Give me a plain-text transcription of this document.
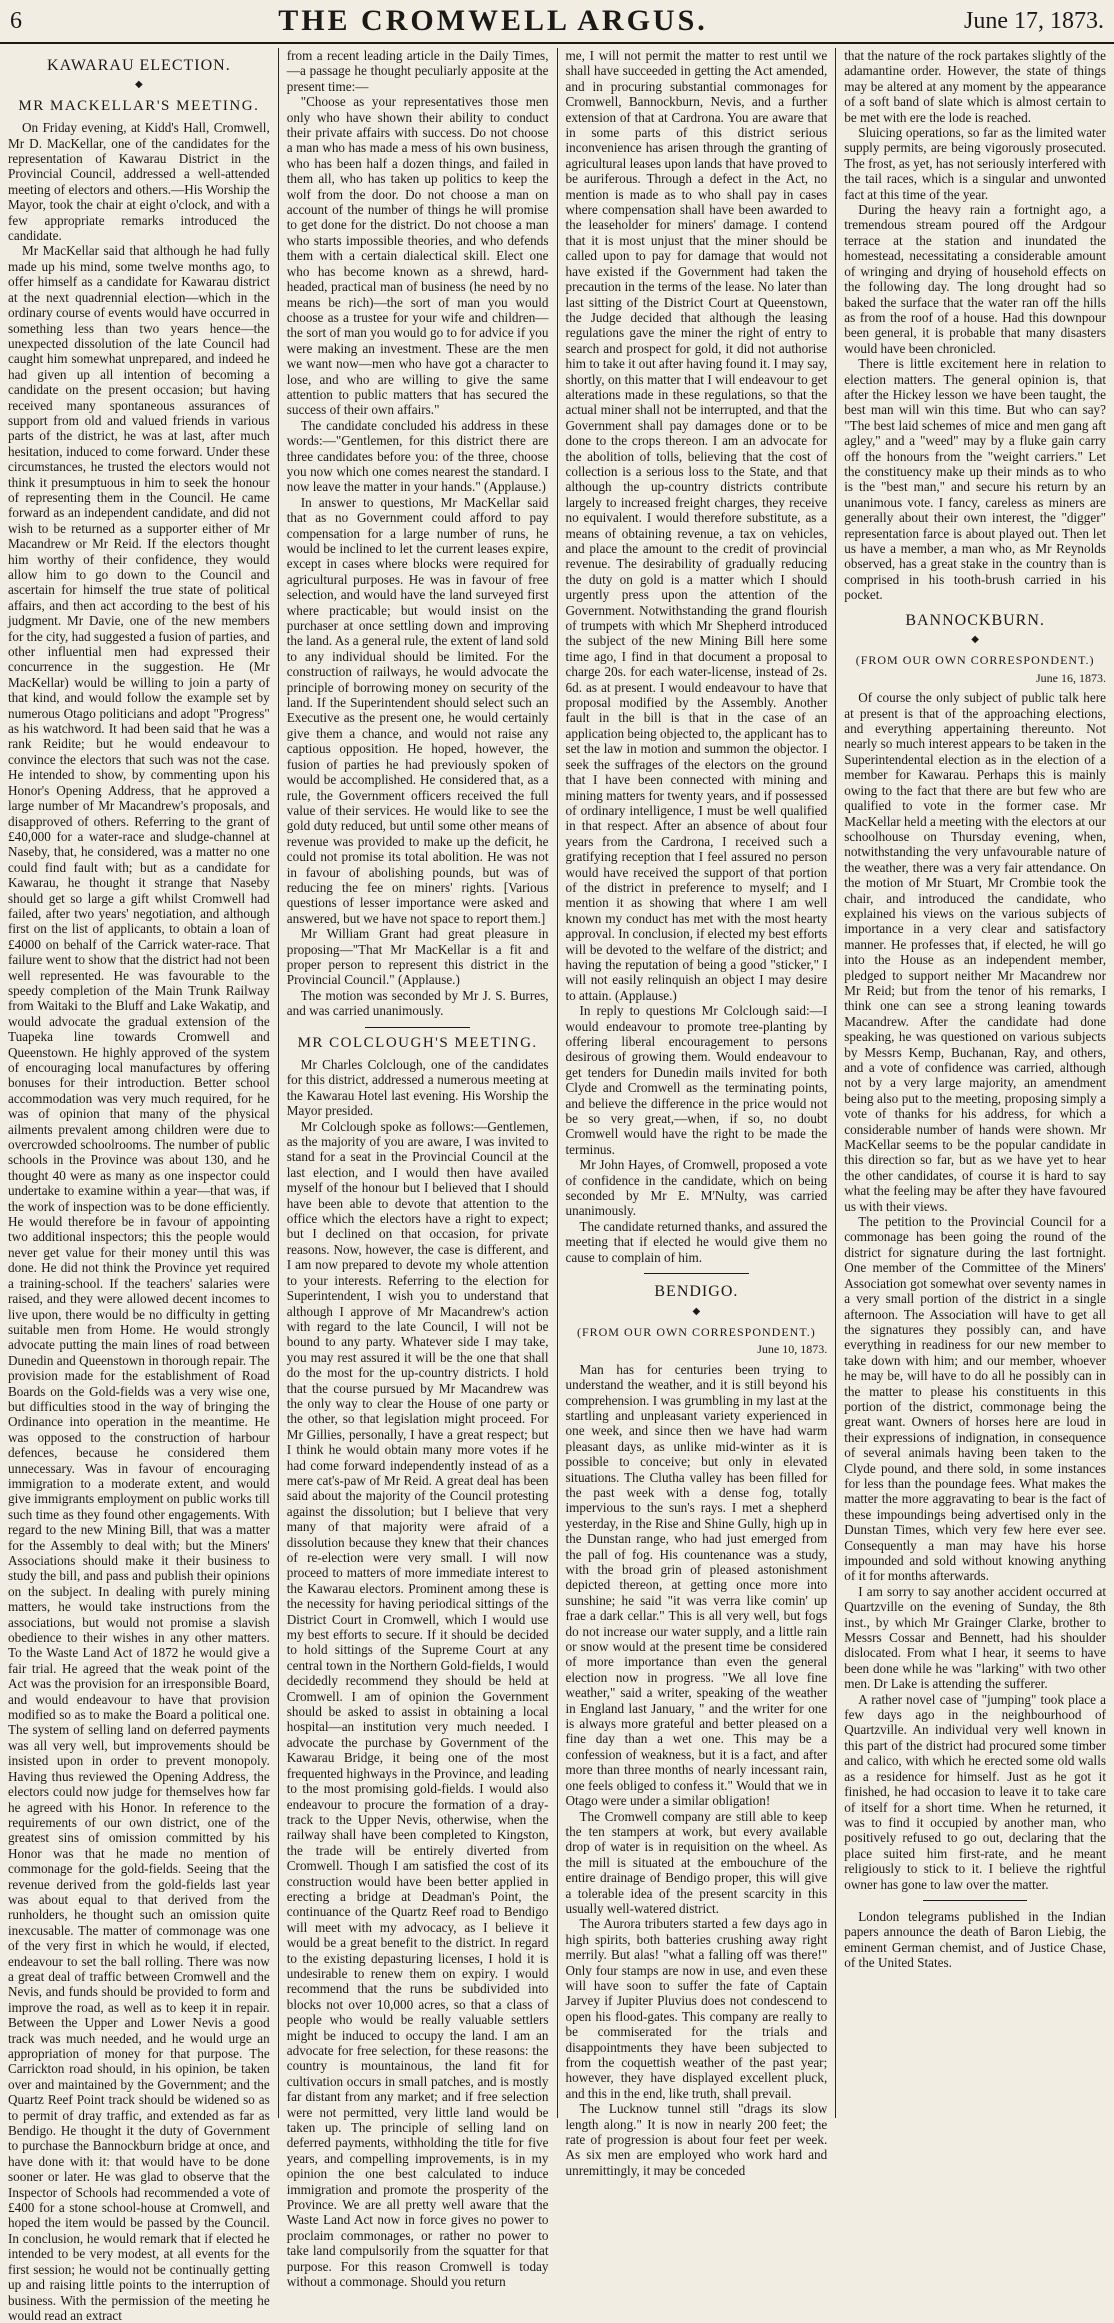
6	THE CROMWELL ARGUS.	June 17, 1873.
KAWARAU ELECTION.
◆
MR MACKELLAR'S MEETING.

On Friday evening, at Kidd's Hall, Cromwell, Mr D. MacKellar, one of the candidates for the representation of Kawarau District in the Provincial Council, addressed a well-attended meeting of electors and others.—His Worship the Mayor, took the chair at eight o'clock, and with a few appropriate remarks introduced the candidate.

Mr MacKellar said that although he had fully made up his mind, some twelve months ago, to offer himself as a candidate for Kawarau district at the next quadrennial election—which in the ordinary course of events would have occurred in something less than two years hence—the unexpected dissolution of the late Council had caught him somewhat unprepared, and indeed he had given up all intention of becoming a candidate on the present occasion; but having received many spontaneous assurances of support from old and valued friends in various parts of the district, he was at last, after much hesitation, induced to come forward. Under these circumstances, he trusted the electors would not think it presumptuous in him to seek the honour of representing them in the Council. He came forward as an independent candidate, and did not wish to be returned as a supporter either of Mr Macandrew or Mr Reid. If the electors thought him worthy of their confidence, they would allow him to go down to the Council and ascertain for himself the true state of political affairs, and then act according to the best of his judgment. Mr Davie, one of the new members for the city, had suggested a fusion of parties, and other influential men had expressed their concurrence in the suggestion. He (Mr MacKellar) would be willing to join a party of that kind, and would follow the example set by numerous Otago politicians and adopt "Progress" as his watchword. It had been said that he was a rank Reidite; but he would endeavour to convince the electors that such was not the case. He intended to show, by commenting upon his Honor's Opening Address, that he approved a large number of Mr Macandrew's proposals, and disapproved of others. Referring to the grant of £40,000 for a water-race and sludge-channel at Naseby, that, he considered, was a matter no one could find fault with; but as a candidate for Kawarau, he thought it strange that Naseby should get so large a gift whilst Cromwell had failed, after two years' negotiation, and although first on the list of applicants, to obtain a loan of £4000 on behalf of the Carrick water-race. That failure went to show that the district had not been well represented. He was favourable to the speedy completion of the Main Trunk Railway from Waitaki to the Bluff and Lake Wakatip, and would advocate the gradual extension of the Tuapeka line towards Cromwell and Queenstown. He highly approved of the system of encouraging local manufactures by offering bonuses for their introduction. Better school accommodation was very much required, for he was of opinion that many of the physical ailments prevalent among children were due to overcrowded schoolrooms. The number of public schools in the Province was about 130, and he thought 40 were as many as one inspector could undertake to examine within a year—that was, if the work of inspection was to be done efficiently. He would therefore be in favour of appointing two additional inspectors; this the people would never get value for their money until this was done. He did not think the Province yet required a training-school. If the teachers' salaries were raised, and they were allowed decent incomes to live upon, there would be no difficulty in getting suitable men from Home. He would strongly advocate putting the main lines of road between Dunedin and Queenstown in thorough repair. The provision made for the establishment of Road Boards on the Gold-fields was a very wise one, but difficulties stood in the way of bringing the Ordinance into operation in the meantime. He was opposed to the construction of harbour defences, because he considered them unnecessary. Was in favour of encouraging immigration to a moderate extent, and would give immigrants employment on public works till such time as they found other engagements. With regard to the new Mining Bill, that was a matter for the Assembly to deal with; but the Miners' Associations should make it their business to study the bill, and pass and publish their opinions on the subject. In dealing with purely mining matters, he would take instructions from the associations, but would not promise a slavish obedience to their wishes in any other matters. To the Waste Land Act of 1872 he would give a fair trial. He agreed that the weak point of the Act was the provision for an irresponsible Board, and would endeavour to have that provision modified so as to make the Board a political one. The system of selling land on deferred payments was all very well, but improvements should be insisted upon in order to prevent monopoly. Having thus reviewed the Opening Address, the electors could now judge for themselves how far he agreed with his Honor. In reference to the requirements of our own district, one of the greatest sins of omission committed by his Honor was that he made no mention of commonage for the gold-fields. Seeing that the revenue derived from the gold-fields last year was about equal to that derived from the runholders, he thought such an omission quite inexcusable. The matter of commonage was one of the very first in which he would, if elected, endeavour to set the ball rolling. There was now a great deal of traffic between Cromwell and the Nevis, and funds should be provided to form and improve the road, as well as to keep it in repair. Between the Upper and Lower Nevis a good track was much needed, and he would urge an appropriation of money for that purpose. The Carrickton road should, in his opinion, be taken over and maintained by the Government; and the Quartz Reef Point track should be widened so as to permit of dray traffic, and extended as far as Bendigo. He thought it the duty of Government to purchase the Bannockburn bridge at once, and have done with it: that would have to be done sooner or later. He was glad to observe that the Inspector of Schools had recommended a vote of £400 for a stone school-house at Cromwell, and hoped the item would be passed by the Council. In conclusion, he would remark that if elected he intended to be very modest, at all events for the first session; he would not be continually getting up and raising little points to the interruption of business. With the permission of the meeting he would read an extract

from a recent leading article in the Daily Times,—a passage he thought peculiarly apposite at the present time:—

"Choose as your representatives those men only who have shown their ability to conduct their private affairs with success. Do not choose a man who has made a mess of his own business, who has been half a dozen things, and failed in them all, who has taken up politics to keep the wolf from the door. Do not choose a man on account of the number of things he will promise to get done for the district. Do not choose a man who starts impossible theories, and who defends them with a certain dialectical skill. Elect one who has become known as a shrewd, hard-headed, practical man of business (he need by no means be rich)—the sort of man you would choose as a trustee for your wife and children—the sort of man you would go to for advice if you were making an investment. These are the men we want now—men who have got a character to lose, and who are willing to give the same attention to public matters that has secured the success of their own affairs."

The candidate concluded his address in these words:—"Gentlemen, for this district there are three candidates before you: of the three, choose you now which one comes nearest the standard. I now leave the matter in your hands." (Applause.)

In answer to questions, Mr MacKellar said that as no Government could afford to pay compensation for a large number of runs, he would be inclined to let the current leases expire, except in cases where blocks were required for agricultural purposes. He was in favour of free selection, and would have the land surveyed first where practicable; but would insist on the purchaser at once settling down and improving the land. As a general rule, the extent of land sold to any individual should be limited. For the construction of railways, he would advocate the principle of borrowing money on security of the land. If the Superintendent should select such an Executive as the present one, he would certainly give them a chance, and would not raise any captious opposition. He hoped, however, the fusion of parties he had previously spoken of would be accomplished. He considered that, as a rule, the Government officers received the full value of their services. He would like to see the gold duty reduced, but until some other means of revenue was provided to make up the deficit, he could not promise its total abolition. He was not in favour of abolishing pounds, but was of reducing the fee on miners' rights. [Various questions of lesser importance were asked and answered, but we have not space to report them.]

Mr William Grant had great pleasure in proposing—"That Mr MacKellar is a fit and proper person to represent this district in the Provincial Council." (Applause.)

The motion was seconded by Mr J. S. Burres, and was carried unanimously.

MR COLCLOUGH'S MEETING.

Mr Charles Colclough, one of the candidates for this district, addressed a numerous meeting at the Kawarau Hotel last evening. His Worship the Mayor presided.

Mr Colclough spoke as follows:—Gentlemen, as the majority of you are aware, I was invited to stand for a seat in the Provincial Council at the last election, and I would then have availed myself of the honour but I believed that I should have been able to devote that attention to the office which the electors have a right to expect; but I declined on that occasion, for private reasons. Now, however, the case is different, and I am now prepared to devote my whole attention to your interests. Referring to the election for Superintendent, I wish you to understand that although I approve of Mr Macandrew's action with regard to the late Council, I will not be bound to any party. Whatever side I may take, you may rest assured it will be the one that shall do the most for the up-country districts. I hold that the course pursued by Mr Macandrew was the only way to clear the House of one party or the other, so that legislation might proceed. For Mr Gillies, personally, I have a great respect; but I think he would obtain many more votes if he had come forward independently instead of as a mere cat's-paw of Mr Reid. A great deal has been said about the majority of the Council protesting against the dissolution; but I believe that very many of that majority were afraid of a dissolution because they knew that their chances of re-election were very small. I will now proceed to matters of more immediate interest to the Kawarau electors. Prominent among these is the necessity for having periodical sittings of the District Court in Cromwell, which I would use my best efforts to secure. If it should be decided to hold sittings of the Supreme Court at any central town in the Northern Gold-fields, I would decidedly recommend they should be held at Cromwell. I am of opinion the Government should be asked to assist in obtaining a local hospital—an institution very much needed. I advocate the purchase by Government of the Kawarau Bridge, it being one of the most frequented highways in the Province, and leading to the most promising gold-fields. I would also endeavour to procure the formation of a dray-track to the Upper Nevis, otherwise, when the railway shall have been completed to Kingston, the trade will be entirely diverted from Cromwell. Though I am satisfied the cost of its construction would have been better applied in erecting a bridge at Deadman's Point, the continuance of the Quartz Reef road to Bendigo will meet with my advocacy, as I believe it would be a great benefit to the district. In regard to the existing depasturing licenses, I hold it is undesirable to renew them on expiry. I would recommend that the runs be subdivided into blocks not over 10,000 acres, so that a class of people who would be really valuable settlers might be induced to occupy the land. I am an advocate for free selection, for these reasons: the country is mountainous, the land fit for cultivation occurs in small patches, and is mostly far distant from any market; and if free selection were not permitted, very little land would be taken up. The principle of selling land on deferred payments, withholding the title for five years, and compelling improvements, is in my opinion the one best calculated to induce immigration and promote the prosperity of the Province. We are all pretty well aware that the Waste Land Act now in force gives no power to proclaim commonages, or rather no power to take land compulsorily from the squatter for that purpose. For this reason Cromwell is today without a commonage. Should you return

me, I will not permit the matter to rest until we shall have succeeded in getting the Act amended, and in procuring substantial commonages for Cromwell, Bannockburn, Nevis, and a further extension of that at Cardrona. You are aware that in some parts of this district serious inconvenience has arisen through the granting of agricultural leases upon lands that have proved to be auriferous. Through a defect in the Act, no mention is made as to who shall pay in cases where compensation shall have been awarded to the leaseholder for miners' damage. I contend that it is most unjust that the miner should be called upon to pay for damage that would not have existed if the Government had taken the precaution in the terms of the lease. No later than last sitting of the District Court at Queenstown, the Judge decided that although the leasing regulations gave the miner the right of entry to search and prospect for gold, it did not authorise him to take it out after having found it. I may say, shortly, on this matter that I will endeavour to get alterations made in these regulations, so that the actual miner shall not be interrupted, and that the Government shall pay damages done or to be done to the crops thereon. I am an advocate for the abolition of tolls, believing that the cost of collection is a serious loss to the State, and that although the up-country districts contribute largely to increased freight charges, they receive no equivalent. I would therefore substitute, as a means of obtaining revenue, a tax on vehicles, and place the amount to the credit of provincial revenue. The desirability of gradually reducing the duty on gold is a matter which I should urgently press upon the attention of the Government. Notwithstanding the grand flourish of trumpets with which Mr Shepherd introduced the subject of the new Mining Bill here some time ago, I find in that document a proposal to charge 20s. for each water-license, instead of 2s. 6d. as at present. I would endeavour to have that proposal modified by the Assembly. Another fault in the bill is that in the case of an application being objected to, the applicant has to set the law in motion and summon the objector. I seek the suffrages of the electors on the ground that I have been connected with mining and mining matters for twenty years, and if possessed of ordinary intelligence, I must be well qualified in that respect. After an absence of about four years from the Cardrona, I received such a gratifying reception that I feel assured no person would have received the support of that portion of the district in preference to myself; and I mention it as showing that where I am well known my conduct has met with the most hearty approval. In conclusion, if elected my best efforts will be devoted to the welfare of the district; and having the reputation of being a good "sticker," I will not easily relinquish an object I may desire to attain. (Applause.)

In reply to questions Mr Colclough said:—I would endeavour to promote tree-planting by offering liberal encouragement to persons desirous of growing them. Would endeavour to get tenders for Dunedin mails invited for both Clyde and Cromwell as the terminating points, and believe the difference in the price would not be so very great,—when, if so, no doubt Cromwell would have the right to be made the terminus.

Mr John Hayes, of Cromwell, proposed a vote of confidence in the candidate, which on being seconded by Mr E. M'Nulty, was carried unanimously.

The candidate returned thanks, and assured the meeting that if elected he would give them no cause to complain of him.

BENDIGO.
◆
(FROM OUR OWN CORRESPONDENT.)
June 10, 1873.

Man has for centuries been trying to understand the weather, and it is still beyond his comprehension. I was grumbling in my last at the startling and unpleasant variety experienced in one week, and since then we have had warm pleasant days, as unlike mid-winter as it is possible to conceive; but only in elevated situations. The Clutha valley has been filled for the past week with a dense fog, totally impervious to the sun's rays. I met a shepherd yesterday, in the Rise and Shine Gully, high up in the Dunstan range, who had just emerged from the pall of fog. His countenance was a study, with the broad grin of pleased astonishment depicted thereon, at getting once more into sunshine; he said "it was verra like comin' up frae a dark cellar." This is all very well, but fogs do not increase our water supply, and a little rain or snow would at the present time be considered of more importance than even the general election now in progress. "We all love fine weather," said a writer, speaking of the weather in England last January, " and the writer for one is always more grateful and better pleased on a fine day than a wet one. This may be a confession of weakness, but it is a fact, and after more than three months of nearly incessant rain, one feels obliged to confess it." Would that we in Otago were under a similar obligation!

The Cromwell company are still able to keep the ten stampers at work, but every available drop of water is in requisition on the wheel. As the mill is situated at the embouchure of the entire drainage of Bendigo proper, this will give a tolerable idea of the present scarcity in this usually well-watered district.

The Aurora tributers started a few days ago in high spirits, both batteries crushing away right merrily. But alas! "what a falling off was there!" Only four stamps are now in use, and even these will have soon to suffer the fate of Captain Jarvey if Jupiter Pluvius does not condescend to open his flood-gates. This company are really to be commiserated for the trials and disappointments they have been subjected to from the coquettish weather of the past year; however, they have displayed excellent pluck, and this in the end, like truth, shall prevail.

The Lucknow tunnel still "drags its slow length along." It is now in nearly 200 feet; the rate of progression is about four feet per week. As six men are employed who work hard and unremittingly, it may be conceded

that the nature of the rock partakes slightly of the adamantine order. However, the state of things may be altered at any moment by the appearance of a soft band of slate which is almost certain to be met with ere the lode is reached.

Sluicing operations, so far as the limited water supply permits, are being vigorously prosecuted. The frost, as yet, has not seriously interfered with the tail races, which is a singular and unwonted fact at this time of the year.

During the heavy rain a fortnight ago, a tremendous stream poured off the Ardgour terrace at the station and inundated the homestead, necessitating a considerable amount of wringing and drying of household effects on the following day. The long drought had so baked the surface that the water ran off the hills as from the roof of a house. Had this downpour been general, it is probable that many disasters would have been chronicled.

There is little excitement here in relation to election matters. The general opinion is, that after the Hickey lesson we have been taught, the best man will win this time. But who can say? "The best laid schemes of mice and men gang aft agley," and a "weed" may by a fluke gain carry off the honours from the "weight carriers." Let the constituency make up their minds as to who is the "best man," and secure his return by an unanimous vote. I fancy, careless as miners are generally about their own interest, the "digger" representation farce is about played out. Then let us have a member, a man who, as Mr Reynolds observed, has a great stake in the country than is comprised in his tooth-brush carried in his pocket.

BANNOCKBURN.
◆
(FROM OUR OWN CORRESPONDENT.)
June 16, 1873.

Of course the only subject of public talk here at present is that of the approaching elections, and everything appertaining thereunto. Not nearly so much interest appears to be taken in the Superintendental election as in the election of a member for Kawarau. Perhaps this is mainly owing to the fact that there are but few who are qualified to vote in the former case. Mr MacKellar held a meeting with the electors at our schoolhouse on Thursday evening, when, notwithstanding the very unfavourable nature of the weather, there was a very fair attendance. On the motion of Mr Stuart, Mr Crombie took the chair, and introduced the candidate, who explained his views on the various subjects of importance in a very clear and satisfactory manner. He professes that, if elected, he will go into the House as an independent member, pledged to support neither Mr Macandrew nor Mr Reid; but from the tenor of his remarks, I think one can see a strong leaning towards Macandrew. After the candidate had done speaking, he was questioned on various subjects by Messrs Kemp, Buchanan, Ray, and others, and a vote of confidence was carried, although not by a very large majority, an amendment being also put to the meeting, proposing simply a vote of thanks for his address, for which a considerable number of hands were shown. Mr MacKellar seems to be the popular candidate in this direction so far, but as we have yet to hear the other candidates, of course it is hard to say what the feeling may be after they have favoured us with their views.

The petition to the Provincial Council for a commonage has been going the round of the district for signature during the last fortnight. One member of the Committee of the Miners' Association got somewhat over seventy names in a very small portion of the district in a single afternoon. The Association will have to get all the signatures they possibly can, and have everything in readiness for our new member to take down with him; and our member, whoever he may be, will have to do all he possibly can in the matter to please his constituents in this portion of the district, commonage being the great want. Owners of horses here are loud in their expressions of indignation, in consequence of several animals having been taken to the Clyde pound, and there sold, in some instances for less than the poundage fees. What makes the matter the more aggravating to bear is the fact of these impoundings being advertised only in the Dunstan Times, which very few here ever see. Consequently a man may have his horse impounded and sold without knowing anything of it for months afterwards.

I am sorry to say another accident occurred at Quartzville on the evening of Sunday, the 8th inst., by which Mr Grainger Clarke, brother to Messrs Cossar and Bennett, had his shoulder dislocated. From what I hear, it seems to have been done while he was "larking" with two other men. Dr Lake is attending the sufferer.

A rather novel case of "jumping" took place a few days ago in the neighbourhood of Quartzville. An individual very well known in this part of the district had procured some timber and calico, with which he erected some old walls as a residence for himself. Just as he got it finished, he had occasion to leave it to take care of itself for a short time. When he returned, it was to find it occupied by another man, who positively refused to go out, declaring that the place suited him first-rate, and he meant religiously to stick to it. I believe the rightful owner has gone to law over the matter.

London telegrams published in the Indian papers announce the death of Baron Liebig, the eminent German chemist, and of Justice Chase, of the United States.
